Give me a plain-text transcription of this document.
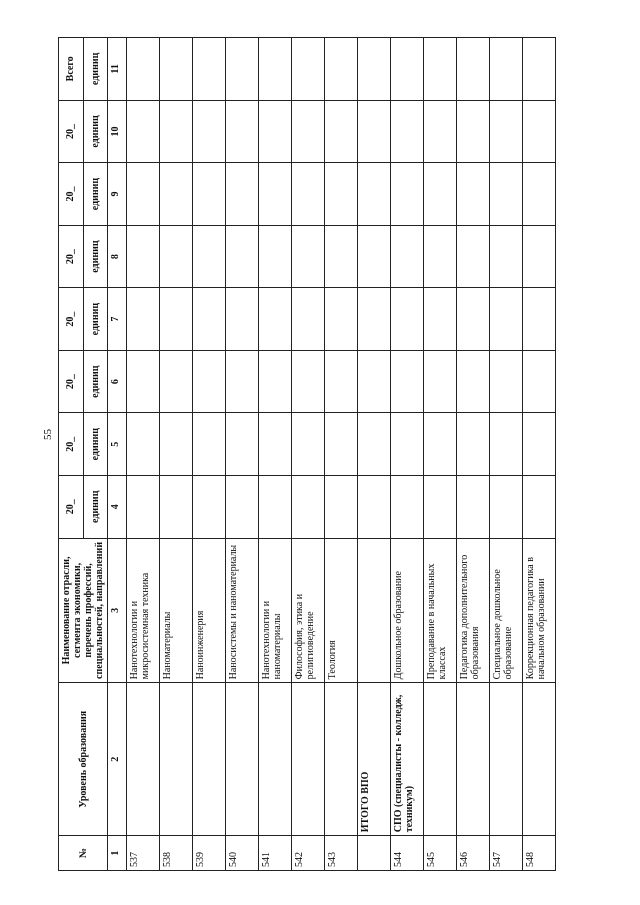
55
№	Уровень образования	Наименование отрасли, сегмента экономики, перечень профессий, специальностей, направлений	20_	20_	20_	20_	20_	20_	20_	Всего
			единиц	единиц	единиц	единиц	единиц	единиц	единиц	единиц
1	2	3	4	5	6	7	8	9	10	11
537		Нанотехнологии и микросистемная техника								
538		Наноматериалы								
539		Наноинженерия								
540		Наносистемы и наноматериалы								
541		Нанотехнологии и наноматериалы								
542		Философия, этика и религиоведение								
543		Теология								
	ИТОГО ВПО									
544	СПО (специалисты - колледж, техникум)	Дошкольное образование								
545		Преподавание в начальных классах								
546		Педагогика дополнительного образования								
547		Специальное дошкольное образование								
548		Коррекционная педагогика в начальном образовании								
